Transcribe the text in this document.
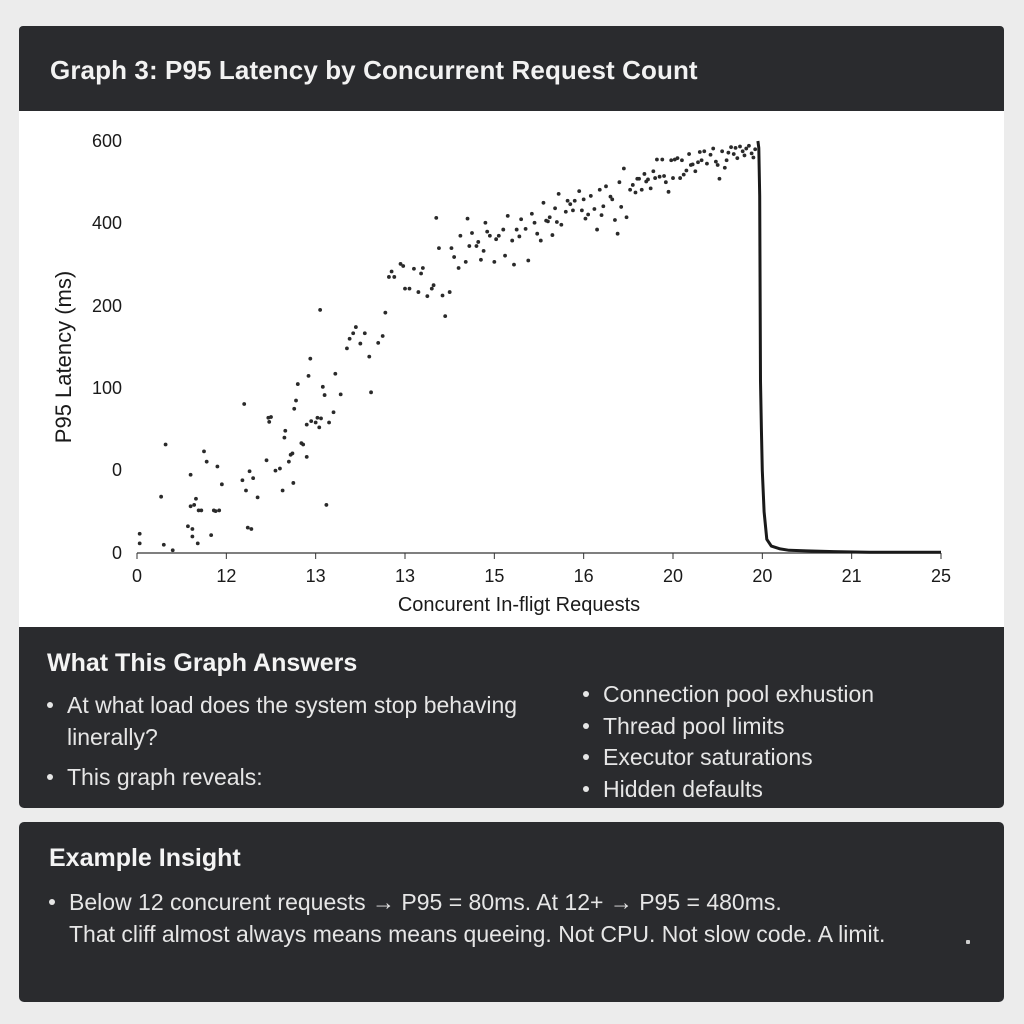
Graph 3: P95 Latency by Concurrent Request Count
0	12	13	13	15	16	20	20	21	25
0
0
100
200
400
600
Concurent In-fligt Requests
P95 Latency (ms)
What This Graph Answers
At what load does the system stop behaving linerally?
This graph reveals:
Connection pool exhustion
Thread pool limits
Executor saturations
Hidden defaults
Example Insight
Below 12 concurent requests → P95 = 80ms. At 12+ → P95 = 480ms.
That cliff almost always means means queeing. Not CPU. Not slow code. A limit.
